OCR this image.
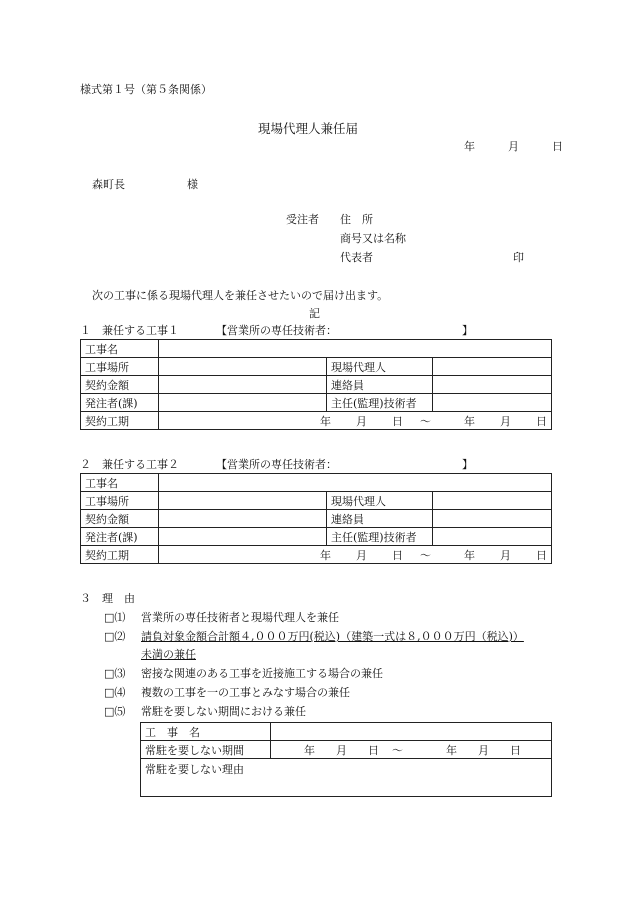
様式第１号（第５条関係）
現場代理人兼任届
年	月	日
森町長	様
受注者 住　所
商号又は名称
代表者	印
次の工事に係る現場代理人を兼任させたいので届け出ます。
記
１　兼任する工事１	【営業所の専任技術者：	】
工事名			
工事場所		現場代理人	
契約金額		連絡員	
発注者(課)		主任(監理)技術者	
契約工期	年 月 日 ～ 年 月 日		
２　兼任する工事２	【営業所の専任技術者：	】
工事名			
工事場所		現場代理人	
契約金額		連絡員	
発注者(課)		主任(監理)技術者	
契約工期	年 月 日 ～ 年 月 日		
３　理　由
□⑴ 営業所の専任技術者と現場代理人を兼任
□⑵ 請負対象金額合計額４,０００万円(税込)（建築一式は８,０００万円（税込)）
未満の兼任
□⑶ 密接な関連のある工事を近接施工する場合の兼任
□⑷ 複数の工事を一の工事とみなす場合の兼任
□⑸ 常駐を要しない期間における兼任
工　事　名	
常駐を要しない期間	年 月 日 ～ 年 月 日
常駐を要しない理由	
